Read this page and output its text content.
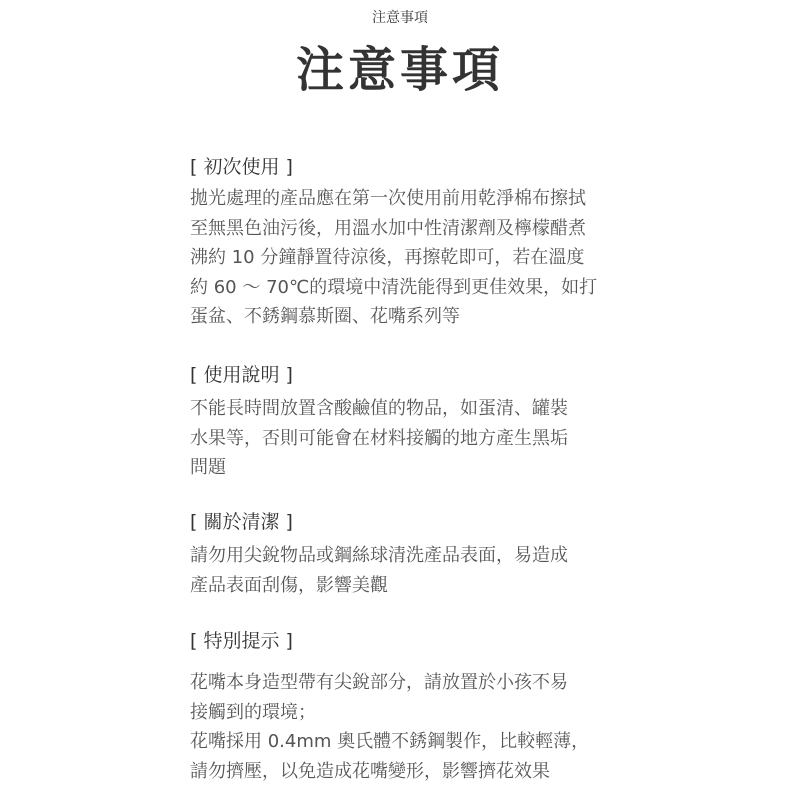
注意事項
注意事項
[ 初次使用 ]
拋光處理的產品應在第一次使用前用乾淨棉布擦拭
至無黑色油污後，用溫水加中性清潔劑及檸檬醋煮
沸約 10 分鐘靜置待涼後，再擦乾即可，若在溫度
約 60 ～ 70℃的環境中清洗能得到更佳效果，如打
蛋盆、不銹鋼慕斯圈、花嘴系列等
[ 使用說明 ]
不能長時間放置含酸鹼值的物品，如蛋清、罐裝
水果等，否則可能會在材料接觸的地方產生黑垢
問題
[ 關於清潔 ]
請勿用尖銳物品或鋼絲球清洗產品表面，易造成
產品表面刮傷，影響美觀
[ 特別提示 ]
花嘴本身造型帶有尖銳部分，請放置於小孩不易
接觸到的環境；
花嘴採用 0.4mm 奧氏體不銹鋼製作，比較輕薄，
請勿擠壓，以免造成花嘴變形，影響擠花效果
